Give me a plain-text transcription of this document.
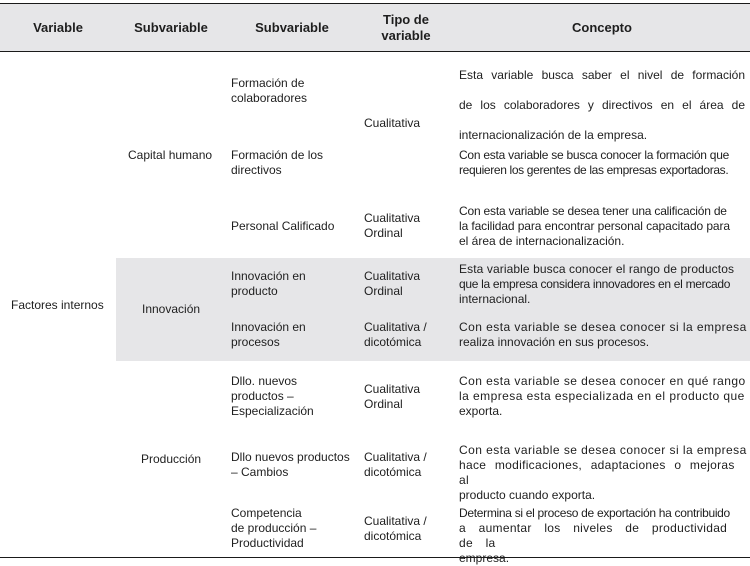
Variable	Subvariable	Subvariable
Tipo de
variable
Concepto
Factores internos
Capital humano
Innovación
Producción
Formación de
colaboradores
Cualitativa
Esta variable busca saber el nivel de formación
de los colaboradores y directivos en el área de
internacionalización de la empresa.
Formación de los
directivos
Con esta variable se busca conocer la formación que
requieren los gerentes de las empresas exportadoras.
Personal Calificado
Cualitativa
Ordinal
Con esta variable se desea tener una calificación de
la facilidad para encontrar personal capacitado para
el área de internacionalización.
Innovación en
producto
Cualitativa
Ordinal
Esta variable busca conocer el rango de productos
que la empresa considera innovadores en el mercado
internacional.
Innovación en
procesos
Cualitativa /
dicotómica
Con esta variable se desea conocer si la empresa
realiza innovación en sus procesos.
Dllo. nuevos
productos –
Especialización
Cualitativa
Ordinal
Con esta variable se desea conocer en qué rango
la empresa esta especializada en el producto que
exporta.
Dllo nuevos productos
– Cambios
Cualitativa /
dicotómica
Con esta variable se desea conocer si la empresa
hace modificaciones, adaptaciones o mejoras al
producto cuando exporta.
Competencia
de producción –
Productividad
Cualitativa /
dicotómica
Determina si el proceso de exportación ha contribuido
a aumentar los niveles de productividad de la
empresa.
